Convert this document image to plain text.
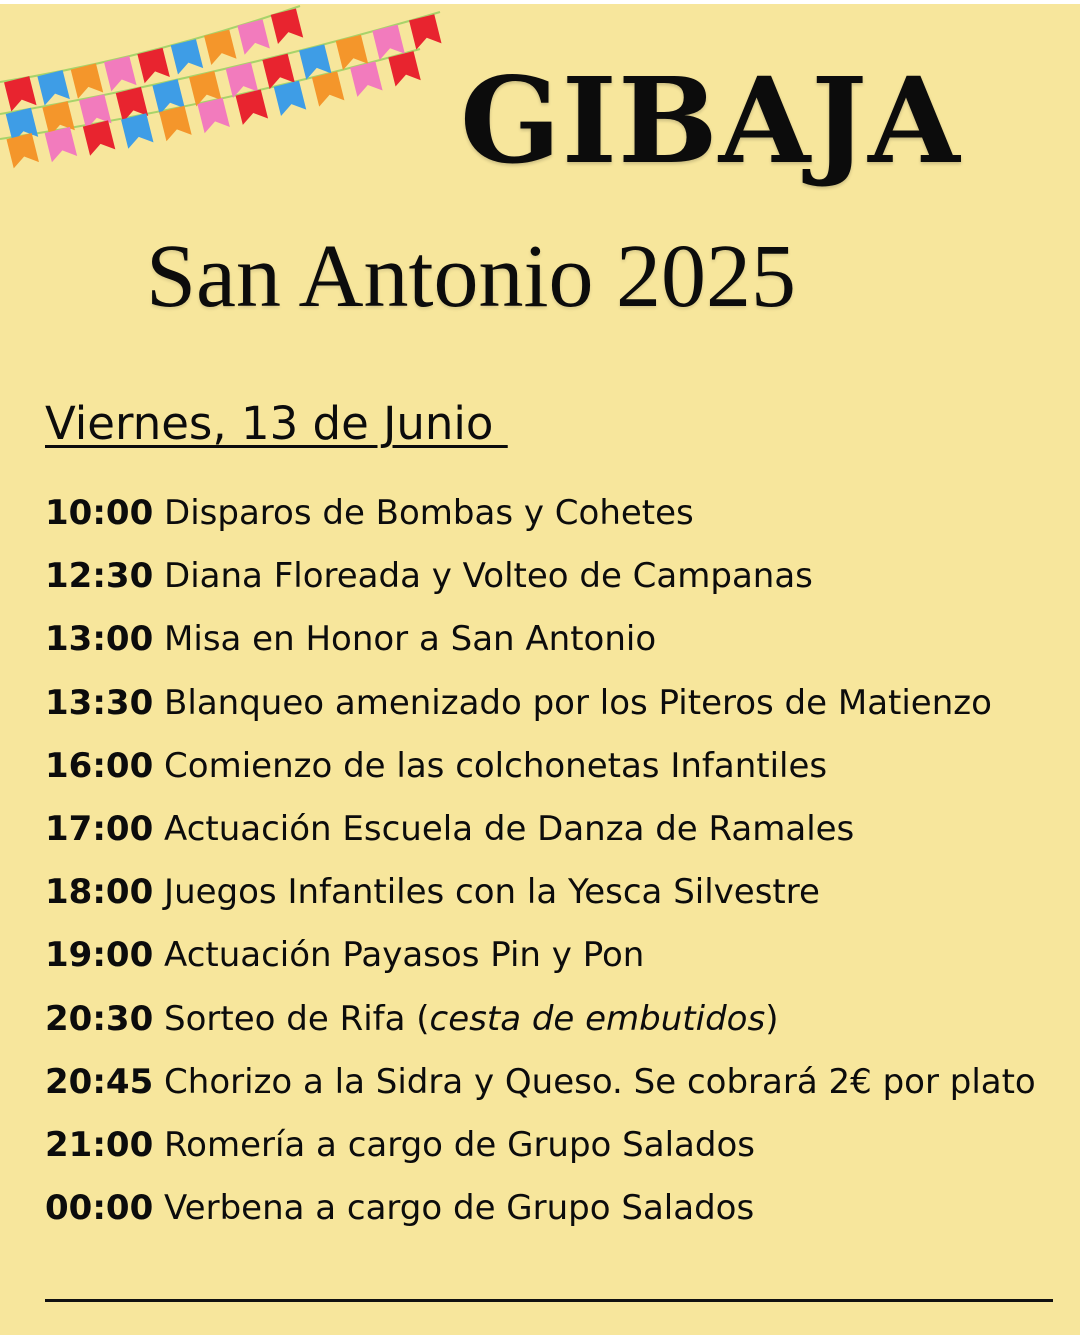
GIBAJA
San Antonio 2025
Viernes, 13 de Junio
10:00 Disparos de Bombas y Cohetes
12:30 Diana Floreada y Volteo de Campanas
13:00 Misa en Honor a San Antonio
13:30 Blanqueo amenizado por los Piteros de Matienzo
16:00 Comienzo de las colchonetas Infantiles
17:00 Actuación Escuela de Danza de Ramales
18:00 Juegos Infantiles con la Yesca Silvestre
19:00 Actuación Payasos Pin y Pon
20:30 Sorteo de Rifa (cesta de embutidos)
20:45 Chorizo a la Sidra y Queso. Se cobrará 2€ por plato
21:00 Romería a cargo de Grupo Salados
00:00 Verbena a cargo de Grupo Salados
